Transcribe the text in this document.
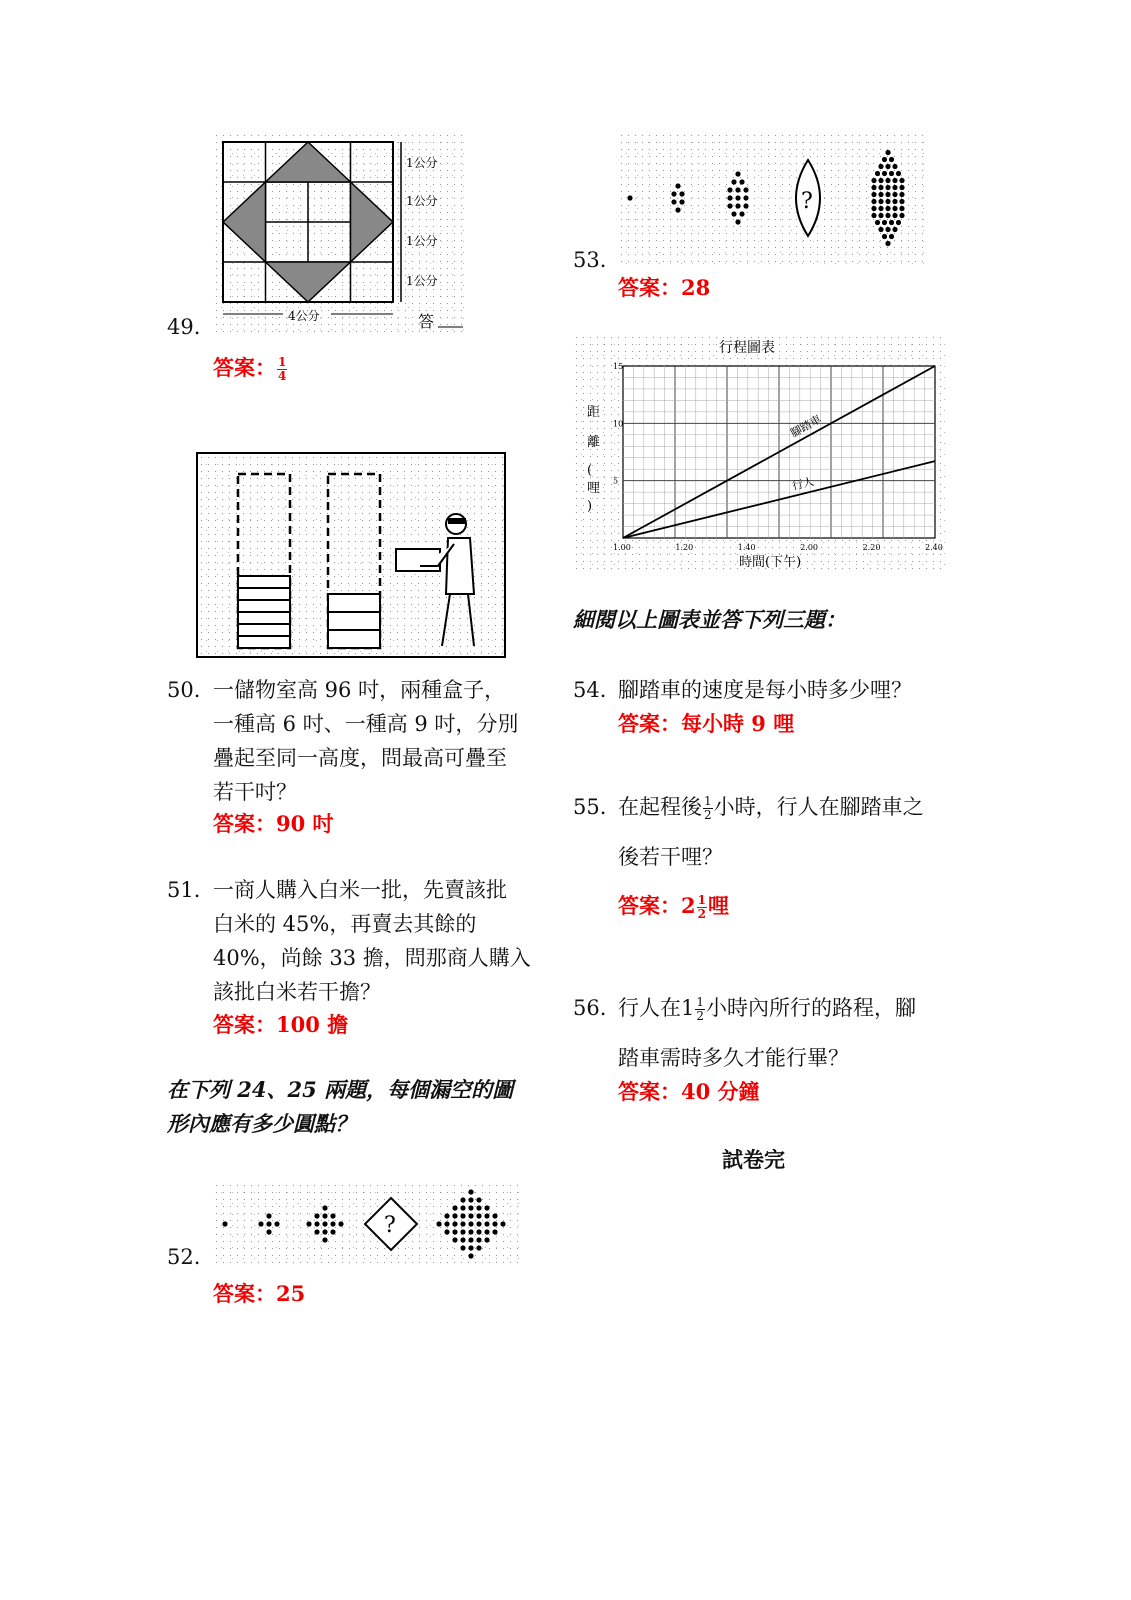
1公分
1公分
1公分
1公分
4公分	答
49.
答案： $\frac{1}{4}$
50. 一儲物室高 96 吋，兩種盒子，
一種高 6 吋、一種高 9 吋，分別
疊起至同一高度，問最高可疊至
若干吋？
答案：90 吋
51. 一商人購入白米一批，先賣該批
白米的 45%，再賣去其餘的
40%，尚餘 33 擔，問那商人購入
該批白米若干擔？
答案：100 擔
在下列 24、25 兩題，每個漏空的圖
形內應有多少圓點？
?
52.
答案：25
?
53.
答案：28
行程圖表
1.00	1.20	1.40	2.00	2.20	2.40
5
10
15
腳踏車
行人
距
離
(
哩
)
時間(下午)
細閱以上圖表並答下列三題：
54. 腳踏車的速度是每小時多少哩？
答案：每小時 9 哩
55. 在起程後 $\frac{1}{2}$ 小時，行人在腳踏車之
後若干哩？
答案：$2 \frac{1}{2}$ 哩
56. 行人在$1 \frac{1}{2}$ 小時內所行的路程，腳
踏車需時多久才能行畢？
答案：40 分鐘
試卷完
